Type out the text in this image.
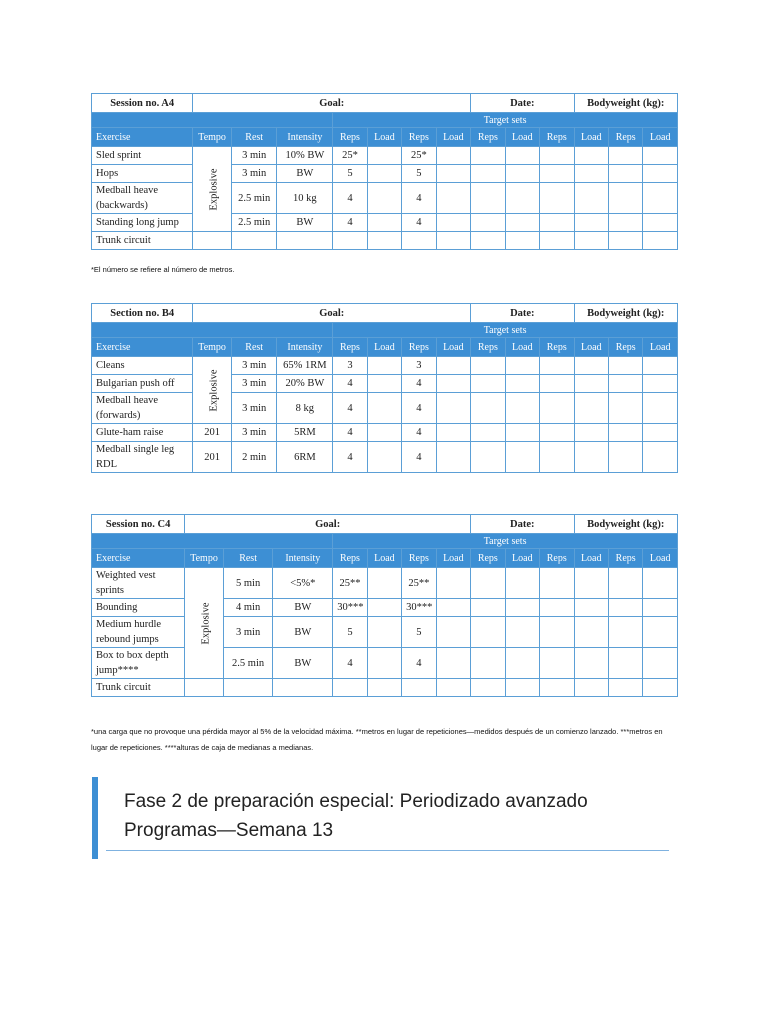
Session no. A4	Goal:							Date:			Bodyweight (kg):		
				Target sets									
Exercise	Tempo	Rest	Intensity	Reps	Load	Reps	Load	Reps	Load	Reps	Load	Reps	Load
Sled sprint	Explosive	3 min	10% BW	25*		25*							
Hops		3 min	BW	5		5							
Medball heave (backwards)		2.5 min	10 kg	4		4							
Standing long jump		2.5 min	BW	4		4							
Trunk circuit													
*El número se refiere al número de metros.
Section no. B4	Goal:							Date:			Bodyweight (kg):		
				Target sets									
Exercise	Tempo	Rest	Intensity	Reps	Load	Reps	Load	Reps	Load	Reps	Load	Reps	Load
Cleans	Explosive	3 min	65% 1RM	3		3							
Bulgarian push off		3 min	20% BW	4		4							
Medball heave (forwards)		3 min	8 kg	4		4							
Glute-ham raise	201	3 min	5RM	4		4							
Medball single leg RDL	201	2 min	6RM	4		4							
Session no. C4	Goal:							Date:			Bodyweight (kg):		
				Target sets									
Exercise	Tempo	Rest	Intensity	Reps	Load	Reps	Load	Reps	Load	Reps	Load	Reps	Load
Weighted vest sprints	Explosive	5 min	<5%*	25**		25**							
Bounding		4 min	BW	30***		30***							
Medium hurdle rebound jumps		3 min	BW	5		5							
Box to box depth jump****		2.5 min	BW	4		4							
Trunk circuit													
*una carga que no provoque una pérdida mayor al 5% de la velocidad máxima. **metros en lugar de repeticiones—medidos después de un comienzo lanzado. ***metros en lugar de repeticiones. ****alturas de caja de medianas a medianas.
Fase 2 de preparación especial: Periodizado avanzado Programas—Semana 13
